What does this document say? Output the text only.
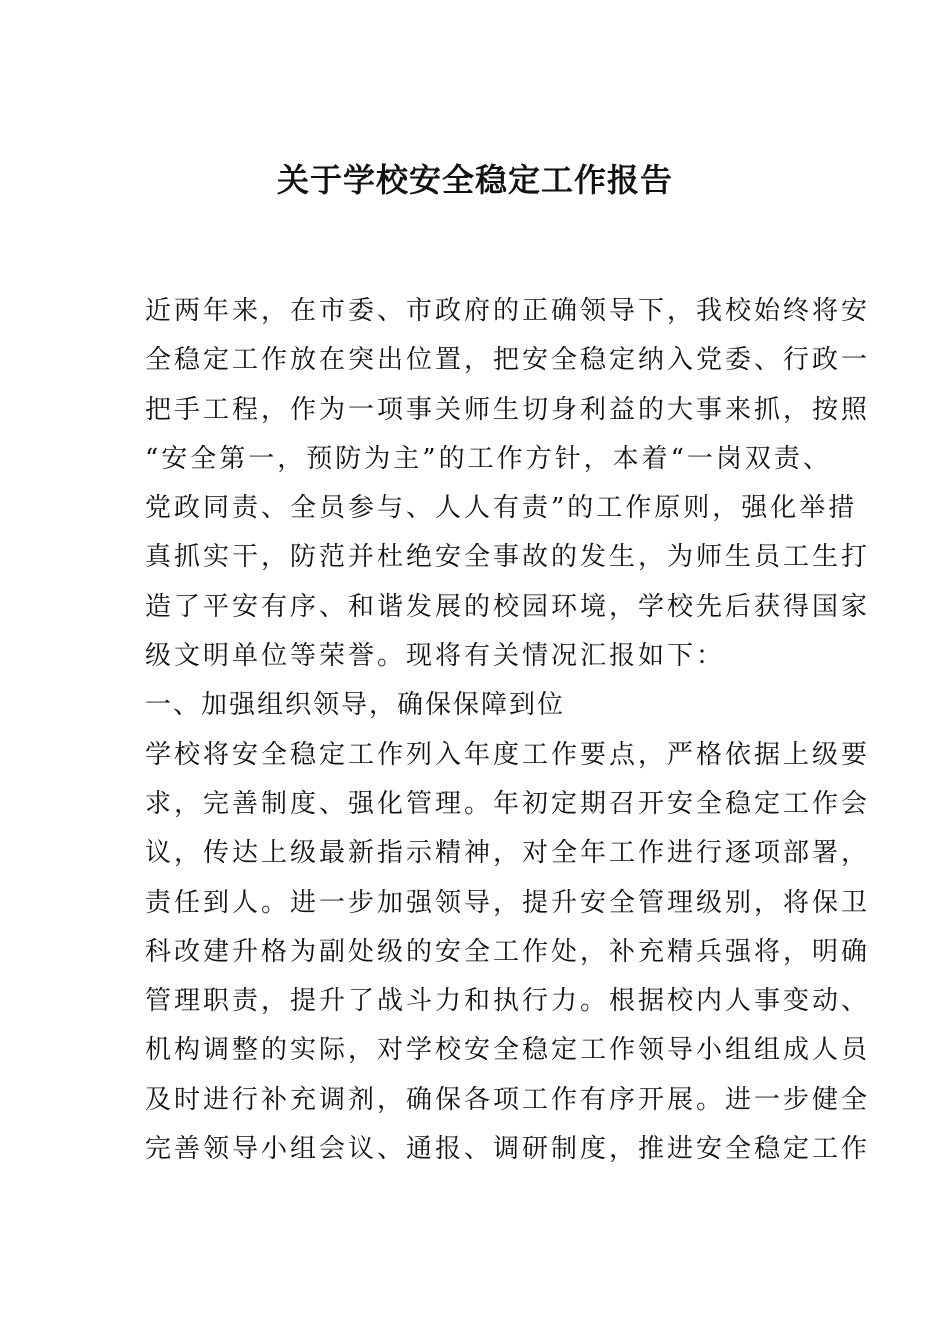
关于学校安全稳定工作报告

近两年来，在市委、市政府的正确领导下，我校始终将安

全稳定工作放在突出位置，把安全稳定纳入党委、行政一

把手工程，作为一项事关师生切身利益的大事来抓，按照

“安全第一，预防为主”的工作方针，本着“一岗双责、

党政同责、全员参与、人人有责”的工作原则，强化举措

真抓实干，防范并杜绝安全事故的发生，为师生员工生打

造了平安有序、和谐发展的校园环境，学校先后获得国家

级文明单位等荣誉。现将有关情况汇报如下：

一、加强组织领导，确保保障到位

学校将安全稳定工作列入年度工作要点，严格依据上级要

求，完善制度、强化管理。年初定期召开安全稳定工作会

议，传达上级最新指示精神，对全年工作进行逐项部署，

责任到人。进一步加强领导，提升安全管理级别，将保卫

科改建升格为副处级的安全工作处，补充精兵强将，明确

管理职责，提升了战斗力和执行力。根据校内人事变动、

机构调整的实际，对学校安全稳定工作领导小组组成人员

及时进行补充调剂，确保各项工作有序开展。进一步健全

完善领导小组会议、通报、调研制度，推进安全稳定工作
